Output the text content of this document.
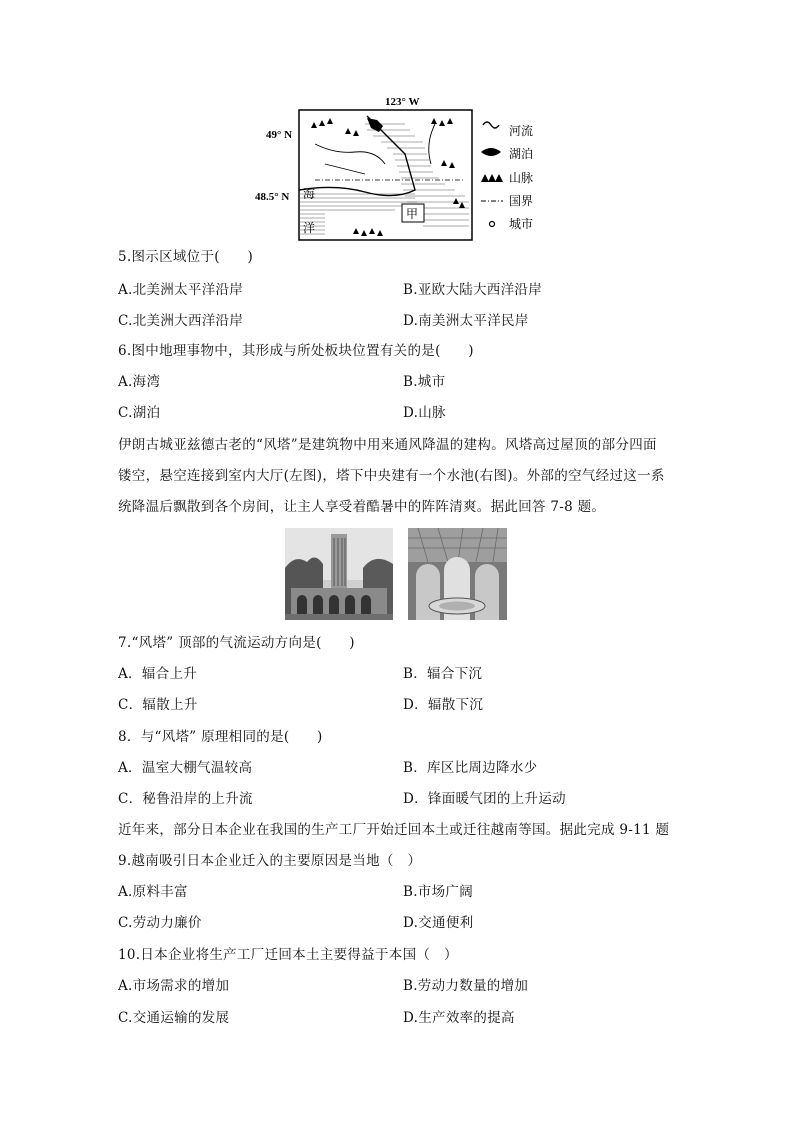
123° W
49° N
48.5° N 海
洋
甲
河流
湖泊
山脉
国界
城市
5.图示区域位于(　　)
A.北美洲太平洋沿岸	B.亚欧大陆大西洋沿岸
C.北美洲大西洋沿岸	D.南美洲太平洋民岸
6.图中地理事物中，其形成与所处板块位置有关的是(　　)
A.海湾	B.城市
C.湖泊	D.山脉
伊朗古城亚兹德古老的“风塔”是建筑物中用来通风降温的建构。风塔高过屋顶的部分四面
镂空，悬空连接到室内大厅(左图)，塔下中央建有一个水池(右图)。外部的空气经过这一系
统降温后飘散到各个房间，让主人享受着酷暑中的阵阵清爽。据此回答 7-8 题。
7.“风塔” 顶部的气流运动方向是(　　)
A．辐合上升	B．辐合下沉
C．辐散上升	D．辐散下沉
8．与“风塔” 原理相同的是(　　)
A．温室大棚气温较高	B．库区比周边降水少
C．秘鲁沿岸的上升流	D．锋面暖气团的上升运动
近年来，部分日本企业在我国的生产工厂开始迁回本土或迁往越南等国。据此完成 9-11 题
9.越南吸引日本企业迁入的主要原因是当地（　）
A.原料丰富	B.市场广阔
C.劳动力廉价	D.交通便利
10.日本企业将生产工厂迁回本土主要得益于本国（　）
A.市场需求的增加	B.劳动力数量的增加
C.交通运输的发展	D.生产效率的提高
